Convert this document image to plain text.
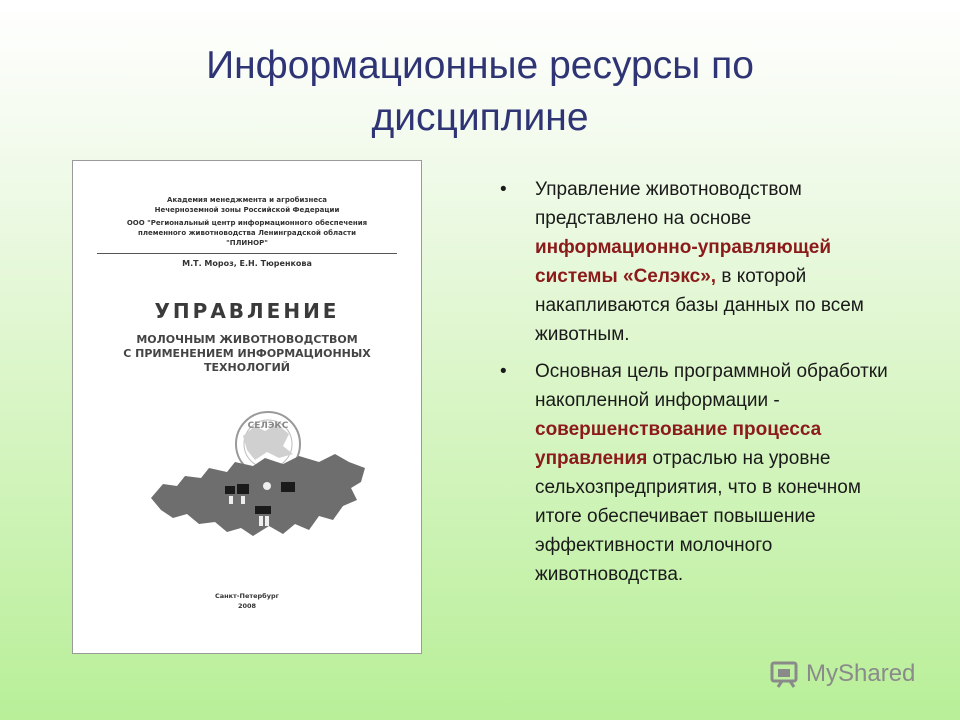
Информационные ресурсы по
дисциплине
Академия менеджмента и агробизнеса
Нечерноземной зоны Российской Федерации
ООО "Региональный центр информационного обеспечения
племенного животноводства Ленинградской области
"ПЛИНОР"
М.Т. Мороз, Е.Н. Тюренкова
УПРАВЛЕНИЕ
МОЛОЧНЫМ ЖИВОТНОВОДСТВОМ
С ПРИМЕНЕНИЕМ ИНФОРМАЦИОННЫХ
ТЕХНОЛОГИЙ
СЕЛЭКС
Санкт-Петербург
2008
• Управление животноводством представлено на основе информационно-управляющей системы «Селэкс», в которой накапливаются базы данных по всем животным.
• Основная цель программной обработки накопленной информации - совершенствование процесса управления отраслью на уровне сельхозпредприятия, что в конечном итоге обеспечивает повышение эффективности молочного животноводства.
MyShared
